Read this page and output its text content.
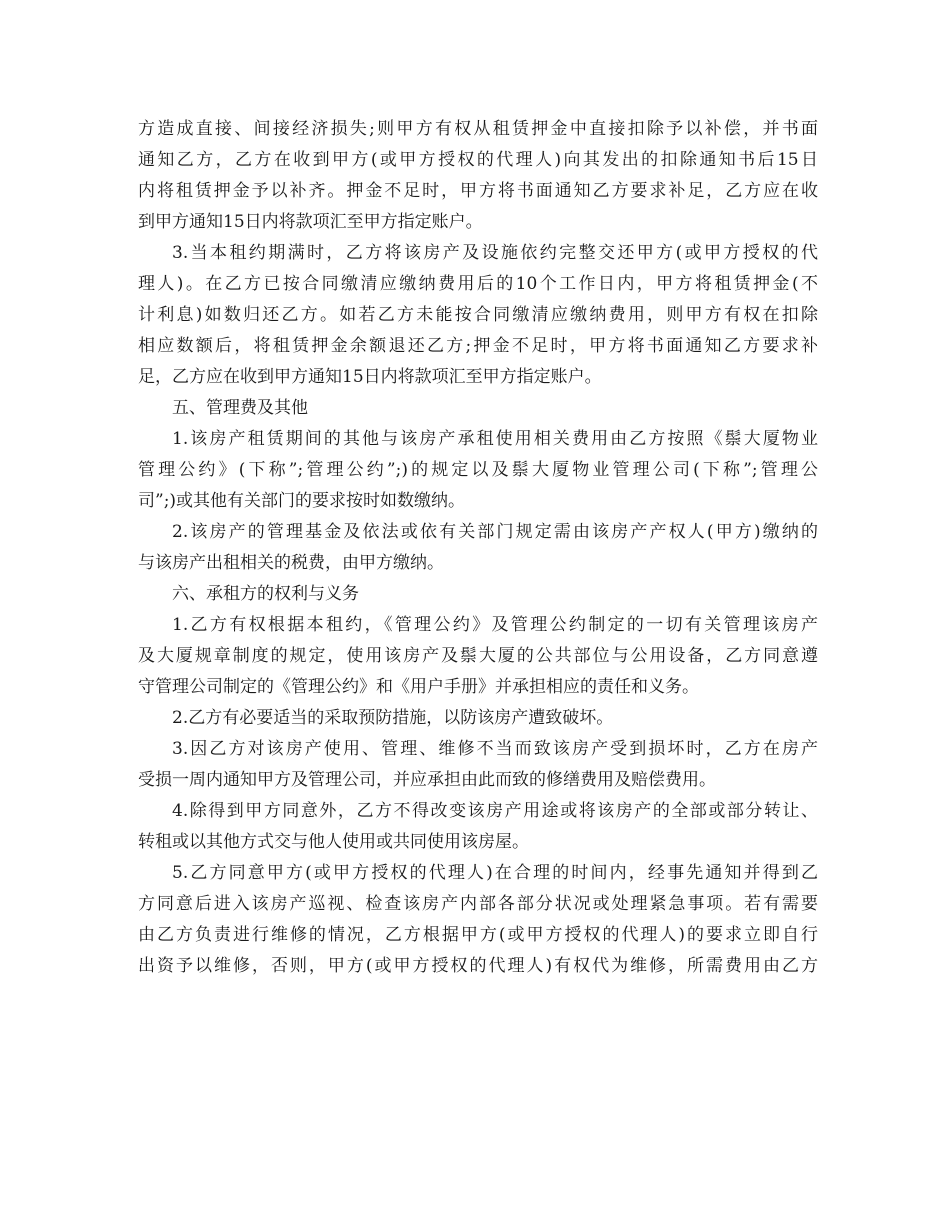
方造成直接、间接经济损失;则甲方有权从租赁押金中直接扣除予以补偿，并书面
通知乙方，乙方在收到甲方(或甲方授权的代理人)向其发出的扣除通知书后15日
内将租赁押金予以补齐。押金不足时，甲方将书面通知乙方要求补足，乙方应在收
到甲方通知15日内将款项汇至甲方指定账户。
3.当本租约期满时，乙方将该房产及设施依约完整交还甲方(或甲方授权的代
理人)。在乙方已按合同缴清应缴纳费用后的10个工作日内，甲方将租赁押金(不
计利息)如数归还乙方。如若乙方未能按合同缴清应缴纳费用，则甲方有权在扣除
相应数额后，将租赁押金余额退还乙方;押金不足时，甲方将书面通知乙方要求补
足，乙方应在收到甲方通知15日内将款项汇至甲方指定账户。
五、管理费及其他
1.该房产租赁期间的其他与该房产承租使用相关费用由乙方按照《鬃大厦物业
管理公约》(下称”;管理公约”;)的规定以及鬃大厦物业管理公司(下称”;管理公
司”;)或其他有关部门的要求按时如数缴纳。
2.该房产的管理基金及依法或依有关部门规定需由该房产产权人(甲方)缴纳的
与该房产出租相关的税费，由甲方缴纳。
六、承租方的权利与义务
1.乙方有权根据本租约，《管理公约》及管理公约制定的一切有关管理该房产
及大厦规章制度的规定，使用该房产及鬃大厦的公共部位与公用设备，乙方同意遵
守管理公司制定的《管理公约》和《用户手册》并承担相应的责任和义务。
2.乙方有必要适当的采取预防措施，以防该房产遭致破坏。
3.因乙方对该房产使用、管理、维修不当而致该房产受到损坏时，乙方在房产
受损一周内通知甲方及管理公司，并应承担由此而致的修缮费用及赔偿费用。
4.除得到甲方同意外，乙方不得改变该房产用途或将该房产的全部或部分转让、
转租或以其他方式交与他人使用或共同使用该房屋。
5.乙方同意甲方(或甲方授权的代理人)在合理的时间内，经事先通知并得到乙
方同意后进入该房产巡视、检查该房产内部各部分状况或处理紧急事项。若有需要
由乙方负责进行维修的情况，乙方根据甲方(或甲方授权的代理人)的要求立即自行
出资予以维修，否则，甲方(或甲方授权的代理人)有权代为维修，所需费用由乙方
